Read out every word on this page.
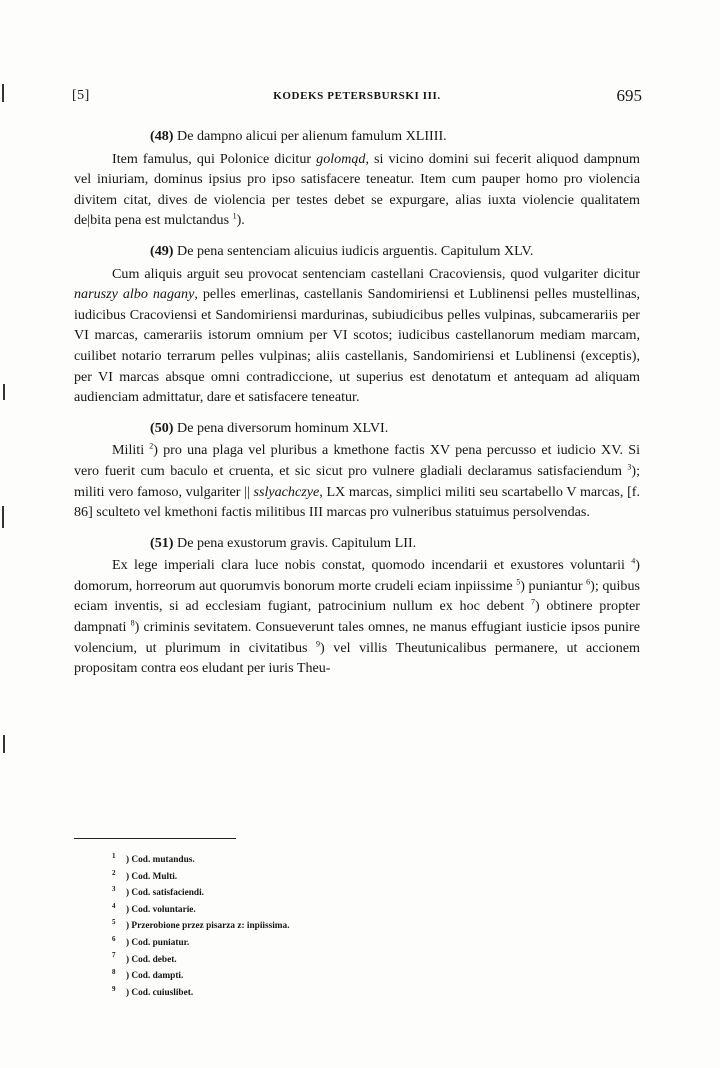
[5]	KODEKS PETERSBURSKI III.	695

(48) De dampno alicui per alienum famulum XLIIII.

Item famulus, qui Polonice dicitur golomąd, si vicino domini sui fecerit aliquod dampnum vel iniuriam, dominus ipsius pro ipso satisfacere teneatur. Item cum pauper homo pro violencia divitem citat, dives de violencia per testes debet se expurgare, alias iuxta violencie qualitatem de|bita pena est mulctandus $^1$).

(49) De pena sentenciam alicuius iudicis arguentis. Capitulum XLV.

Cum aliquis arguit seu provocat sentenciam castellani Cracoviensis, quod vulgariter dicitur naruszy albo nagany, pelles emerlinas, castellanis Sandomiriensi et Lublinensi pelles mustellinas, iudicibus Cracoviensi et Sandomiriensi mardurinas, subiudicibus pelles vulpinas, subcamerariis per VI marcas, camerariis istorum omnium per VI scotos; iudicibus castellanorum mediam marcam, cuilibet notario terrarum pelles vulpinas; aliis castellanis, Sandomiriensi et Lublinensi (exceptis), per VI marcas absque omni contradiccione, ut superius est denotatum et antequam ad aliquam audienciam admittatur, dare et satisfacere teneatur.

(50) De pena diversorum hominum XLVI.

Militi $^2$) pro una plaga vel pluribus a kmethone factis XV pena percusso et iudicio XV. Si vero fuerit cum baculo et cruenta, et sic sicut pro vulnere gladiali declaramus satisfaciendum $^3$); militi vero famoso, vulgariter || sslyachczye, LX marcas, simplici militi seu scartabello V marcas, [f. 86] sculteto vel kmethoni factis militibus III marcas pro vulneribus statuimus persolvendas.

(51) De pena exustorum gravis. Capitulum LII.

Ex lege imperiali clara luce nobis constat, quomodo incendarii et exustores voluntarii $^4$) domorum, horreorum aut quorumvis bonorum morte crudeli eciam inpiissime $^5$) puniantur $^6$); quibus eciam inventis, si ad ecclesiam fugiant, patrocinium nullum ex hoc debent $^7$) obtinere propter dampnati $^8$) criminis sevitatem. Consueverunt tales omnes, ne manus effugiant iusticie ipsos punire volencium, ut plurimum in civitatibus $^9$) vel villis Theutunicalibus permanere, ut accionem propositam contra eos eludant per iuris Theu-

1 ) Cod. mutandus.
2 ) Cod. Multi.
3 ) Cod. satisfaciendi.
4 ) Cod. voluntarie.
5 ) Przerobione przez pisarza z: inpiissima.
6 ) Cod. puniatur.
7 ) Cod. debet.
8 ) Cod. dampti.
9 ) Cod. cuiuslibet.
